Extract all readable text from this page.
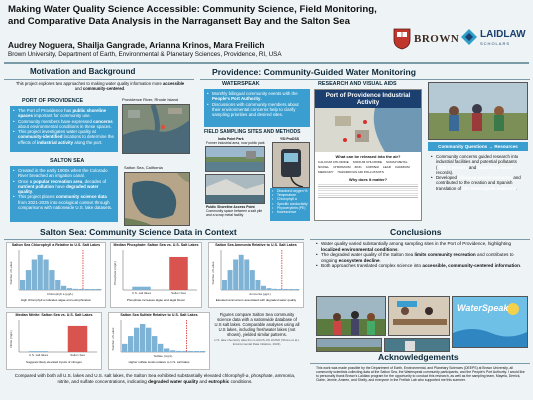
Making Water Quality Science Accessible: Community Science, Field Monitoring, and Comparative Data Analysis in the Narragansett Bay and the Salton Sea
Audrey Noguera, Shailja Gangrade, Arianna Krinos, Mara Freilich
Brown University, Department of Earth, Environmental & Planetary Sciences, Providence, RI, USA
BROWN LAIDLAW
SCHOLARS
Motivation and Background
This project explores two approaches to making water quality information more accessible and community-centered.
PORT OF PROVIDENCE	Providence River, Rhode Island
• The Port of Providence has public shoreline spaces important for community use.
• Community members have expressed concerns about environmental conditions in these spaces.
• This project investigates water quality at community-identified locations to determine the effects of industrial activity along the port.
SALTON SEA
• Created in the early 1900s when the Colorado River breached an irrigation canal.
• Once a popular recreation area, decades of nutrient pollution have degraded water quality.
• This project places community science data from 2021-2025 into ecological context through comparisons with nationwide U.S. lake datasets.
Salton Sea, California
Providence: Community-Guided Water Monitoring
WATERSPEAK
• Monthly bilingual community events with the People's Port Authority.
• Discussions with community members about their environmental concerns help to clarify sampling priorities and desired sites.
FIELD SAMPLING SITES AND METHODS
India Point Park
Former industrial area, now public park
Public Shoreline Access Point
Community space between a salt pile and a scrap metal facility
YSI ProDSS
• Dissolved oxygen %
• Temperature
• Chlorophyll a
• Specific conductivity
• Phycoerythrin (PE)
• fluorescence
RESEARCH AND VISUAL AIDS
Port of Providence Industrial Activity
What can be released into the air?
CALCIUM CHLORIDE SODIUM CHLORIDE SCRAP METAL
NICKEL CHROMIUM ZINC COPPER LEAD CADMIUM
MERCURY HAZARDOUS AIR POLLUTANTS
Why does it matter?
Community Questions → Resources
• Community concerns guided research into industrial facilities and potential pollutants (Title V permits and hazardous waste records).
• Developed bilingual visual resources and contributed to the creation and Spanish translation of 25+ Waterspeak materials.
Salton Sea: Community Science Data in Context
Salton Sea Chlorophyll a Relative to U.S. Salt Lakes
Chlorophyll a (μg/L)
Number of Lakes
High chlorophyll a indicates algae and eutrophication
Median Phosphate: Salton Sea vs. U.S. Salt Lakes
U.S. salt lakes	Salton Sea
Phosphate (mg/L)
Phosphate increases algae and algal bloom
Salton Sea Ammonia Relative to U.S. Salt Lakes
Ammonia (μg/L)
Number of Lakes
Elevated ammonia is associated with degraded water quality
Median Nitrite: Salton Sea vs. U.S. Salt Lakes
U.S. salt lakes	Salton Sea
Nitrite (mg/L)
Suggests likely elevated inputs of nitrogen
Salton Sea Sulfate Relative to U.S. Salt Lakes
Sulfate (mg/L)
Number of Lakes
Higher sulfate levels relative to U.S. salt lakes
Figures compare Salton Sea community science data with a nationwide database of U.S salt lakes. Comparable analyses using all U.S lakes, including freshwater lakes (not shown), yielded similar patterns.
U.S. lake chemistry data from LAGOS-US LIMNO (Shuvo et al.). Environmental Data Initiative, 2024).
Compared with both all U.S. lakes and U.S. salt lakes, the Salton Sea exhibited substantially elevated chlorophyll-a, phosphate, ammonia, nitrite, and sulfate concentrations, indicating degraded water quality and eutrophic conditions.
Conclusions
• Water quality varied substantially among sampling sites in the Port of Providence, highlighting localized environmental conditions.
• The degraded water quality of the Salton Sea limits community recreation and contributes to ongoing ecosystem decline.
• Both approaches translated complex science into accessible, community-centered information.
WaterSpeak
Acknowledgements
This work was made possible by the Department of Earth, Environmental, and Planetary Sciences (DEEPS) at Brown University, all community scientists collecting data at the Salton Sea, the Waterspeak community participants, and the People's Port Authority. I would like to personally thank Brown's Laidlaw program for the opportunity to conduct this research, as well as the sampling team, Mayela, Derrick, Claire, Jennie, Ameen, and Shelly, and everyone in the Freilich Lab who supported me this summer.
